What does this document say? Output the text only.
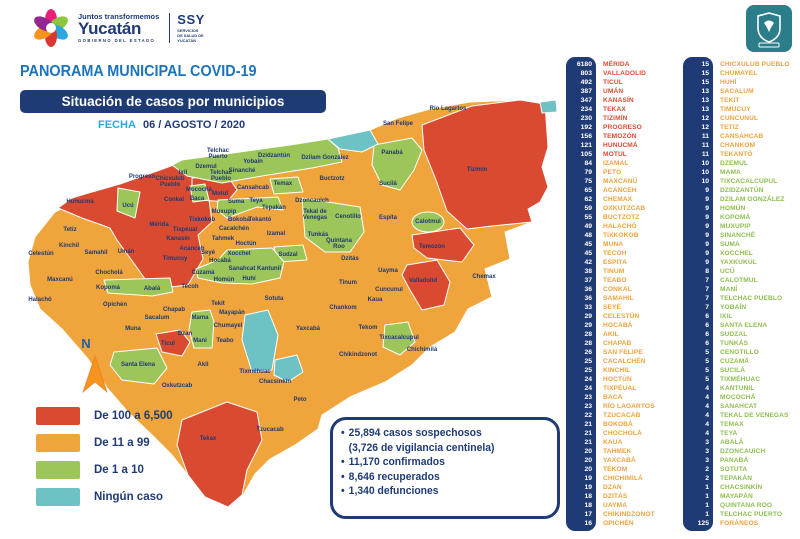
Juntos transformemos
Yucatán
GOBIERNO DEL ESTADO
SSY
SERVICIOS
DE SALUD DE
YUCATÁN
PANORAMA MUNICIPAL COVID-19
Situación de casos por municipios
FECHA 06 / AGOSTO / 2020
N
Progreso
Hunucmá
Ucú
Mérida
Tetiz
Kinchil
Celestún	Samahil Umán
Kanasín
Timucuy
Chocholá
Maxcanú
Halachó
Acanceh
Tixpéual
Tixkokob
Conkal
Chicxulub Pueblo
Ixil
Mocochá
Baca
Dzemul
Telchac Puerto
Telchac Pueblo
Sinanché
Yobaín
Dzidzantún
Motul
Cansahcab
Suma Teya
Tepakán
Muxupip
Bokobá
Tekantó
Cacalchén
Izamal
Tahmek
Hoctún
Seyé Xocchel
Hocabá
Sanahcat Kantunil
Cuzamá
Homún Huhí
Sotuta
Tekit
Tecoh
Abalá
Kopomá
Opichén
Muna
Sacalum
Chapab
Mama
Mayapán
Chumayel
Dzan
Ticul	Maní Teabo
Santa Elena	Akil
Oxkutzcab
Tekax
Tzucacab
Peto
Tixméhuac
Chacsinkín
Dzilam González
Buctzotz
Dzoncauich
Temax
Tekal de Venegas Cenotillo
Tunkás
Quintana Roo
Dzitás
Sudzal
San Felipe
Río Lagartos
Panabá
Sucilá
Tizimín
Espita
Calotmul
Temozón
Uayma
Tinum
Cuncunul
Kaua
Chankom
Valladolid
Chemax
Yaxcabá	Tekom
Tixcacalcupul
Chichimilá
Chikindzonot
De 100 a 6,500
De 11 a 99
De 1 a 10
Ningún caso
• 25,894 casos sospechosos
(3,726 de vigilancia centinela)
• 11,170 confirmados
• 8,646 recuperados
• 1,340 defunciones
6180	MÉRIDA
803	VALLADOLID
492	TICUL
387	UMÁN
347	KANASÍN
234	TEKAX
230	TIZIMÍN
192	PROGRESO
156	TEMOZÓN
121	HUNUCMÁ
105	MOTUL
84	IZAMAL
79	PETO
75	MAXCANÚ
65	ACANCEH
62	CHEMAX
59	OXKUTZCAB
55	BUCTZOTZ
49	HALACHÓ
48	TIXKOKOB
45	MUNA
45	TECOH
42	ESPITA
38	TINUM
37	TEABO
36	CONKAL
36	SAMAHIL
33	SEYÉ
29	CELESTÚN
29	HOCABÁ
28	AKIL
28	CHAPAB
26	SAN FELIPE
25	CACALCHÉN
25	KINCHIL
24	HOCTÚN
24	TIXPÉUAL
23	BACA
23	RÍO LAGARTOS
22	TZUCACAB
21	BOKOBÁ
21	CHOCHOLÁ
21	KAUA
20	TAHMEK
20	YAXCABÁ
20	TEKOM
19	CHICHIMILÁ
19	DZAN
18	DZITÁS
18	UAYMA
17	CHIKINDZONOT
16	OPICHÉN
15	CHICXULUB PUEBLO
15	CHUMAYEL
15	HUHÍ
13	SACALUM
13	TEKIT
13	TIMUCUY
12	CUNCUNUL
12	TETIZ
11	CANSAHCAB
11	CHANKOM
11	TEKANTÓ
10	DZEMUL
10	MAMA
10	TIXCACALCUPUL
9	DZIDZANTÚN
9	DZILAM GONZÁLEZ
9	HOMÚN
9	KOPOMÁ
9	MUXUPIP
9	SINANCHÉ
9	SUMA
9	XOCCHEL
9	YAXKUKUL
8	UCÚ
7	CALOTMUL
7	MANÍ
7	TELCHAC PUEBLO
7	YOBAÍN
6	IXIL
6	SANTA ELENA
6	SUDZAL
6	TUNKÁS
5	CENOTILLO
5	CUZAMÁ
5	SUCILÁ
5	TIXMÉHUAC
4	KANTUNIL
4	MOCOCHÁ
4	SANAHCAT
4	TEKAL DE VENEGAS
4	TEMAX
4	TEYA
3	ABALÁ
3	DZONCAUICH
3	PANABÁ
2	SOTUTA
2	TEPAKÁN
1	CHACSINKÍN
1	MAYAPÁN
1	QUINTANA ROO
1	TELCHAC PUERTO
125	FORÁNEOS
